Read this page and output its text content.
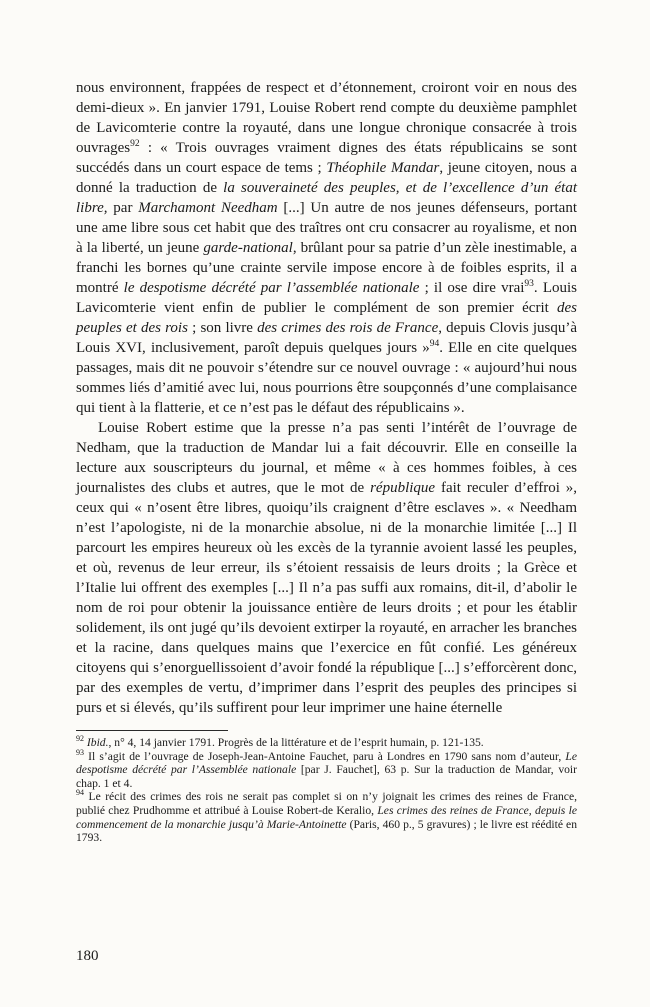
nous environnent, frappées de respect et d’étonnement, croiront voir en nous des demi-dieux ». En janvier 1791, Louise Robert rend compte du deuxième pamphlet de Lavicomterie contre la royauté, dans une longue chronique consacrée à trois ouvrages$^{92}$ : « Trois ouvrages vraiment dignes des états républicains se sont succédés dans un court espace de tems ; Théophile Mandar, jeune citoyen, nous a donné la traduction de la souveraineté des peuples, et de l’excellence d’un état libre, par Marchamont Needham [...] Un autre de nos jeunes défenseurs, portant une ame libre sous cet habit que des traîtres ont cru consacrer au royalisme, et non à la liberté, un jeune garde-national, brûlant pour sa patrie d’un zèle inestimable, a franchi les bornes qu’une crainte servile impose encore à de foibles esprits, il a montré le despotisme décrété par l’assemblée nationale ; il ose dire vrai$^{93}$. Louis Lavicomterie vient enfin de publier le complément de son premier écrit des peuples et des rois ; son livre des crimes des rois de France, depuis Clovis jusqu’à Louis XVI, inclusivement, paroît depuis quelques jours »$^{94}$. Elle en cite quelques passages, mais dit ne pouvoir s’étendre sur ce nouvel ouvrage : « aujourd’hui nous sommes liés d’amitié avec lui, nous pourrions être soupçonnés d’une complaisance qui tient à la flatterie, et ce n’est pas le défaut des républicains ».

Louise Robert estime que la presse n’a pas senti l’intérêt de l’ouvrage de Nedham, que la traduction de Mandar lui a fait découvrir. Elle en conseille la lecture aux souscripteurs du journal, et même « à ces hommes foibles, à ces journalistes des clubs et autres, que le mot de république fait reculer d’effroi », ceux qui « n’osent être libres, quoiqu’ils craignent d’être esclaves ». « Needham n’est l’apologiste, ni de la monarchie absolue, ni de la monarchie limitée [...] Il parcourt les empires heureux où les excès de la tyrannie avoient lassé les peuples, et où, revenus de leur erreur, ils s’étoient ressaisis de leurs droits ; la Grèce et l’Italie lui offrent des exemples [...] Il n’a pas suffi aux romains, dit-il, d’abolir le nom de roi pour obtenir la jouissance entière de leurs droits ; et pour les établir solidement, ils ont jugé qu’ils devoient extirper la royauté, en arracher les branches et la racine, dans quelques mains que l’exercice en fût confié. Les généreux citoyens qui s’enorguellissoient d’avoir fondé la république [...] s’efforcèrent donc, par des exemples de vertu, d’imprimer dans l’esprit des peuples des principes si purs et si élevés, qu’ils suffirent pour leur imprimer une haine éternelle

$^{92}$ Ibid., n° 4, 14 janvier 1791. Progrès de la littérature et de l’esprit humain, p. 121-135.
$^{93}$ Il s’agit de l’ouvrage de Joseph-Jean-Antoine Fauchet, paru à Londres en 1790 sans nom d’auteur, Le despotisme décrété par l’Assemblée nationale [par J. Fauchet], 63 p. Sur la traduction de Mandar, voir chap. 1 et 4.
$^{94}$ Le récit des crimes des rois ne serait pas complet si on n’y joignait les crimes des reines de France, publié chez Prudhomme et attribué à Louise Robert-de Keralio, Les crimes des reines de France, depuis le commencement de la monarchie jusqu’à Marie-Antoinette (Paris, 460 p., 5 gravures) ; le livre est réédité en 1793.
180
